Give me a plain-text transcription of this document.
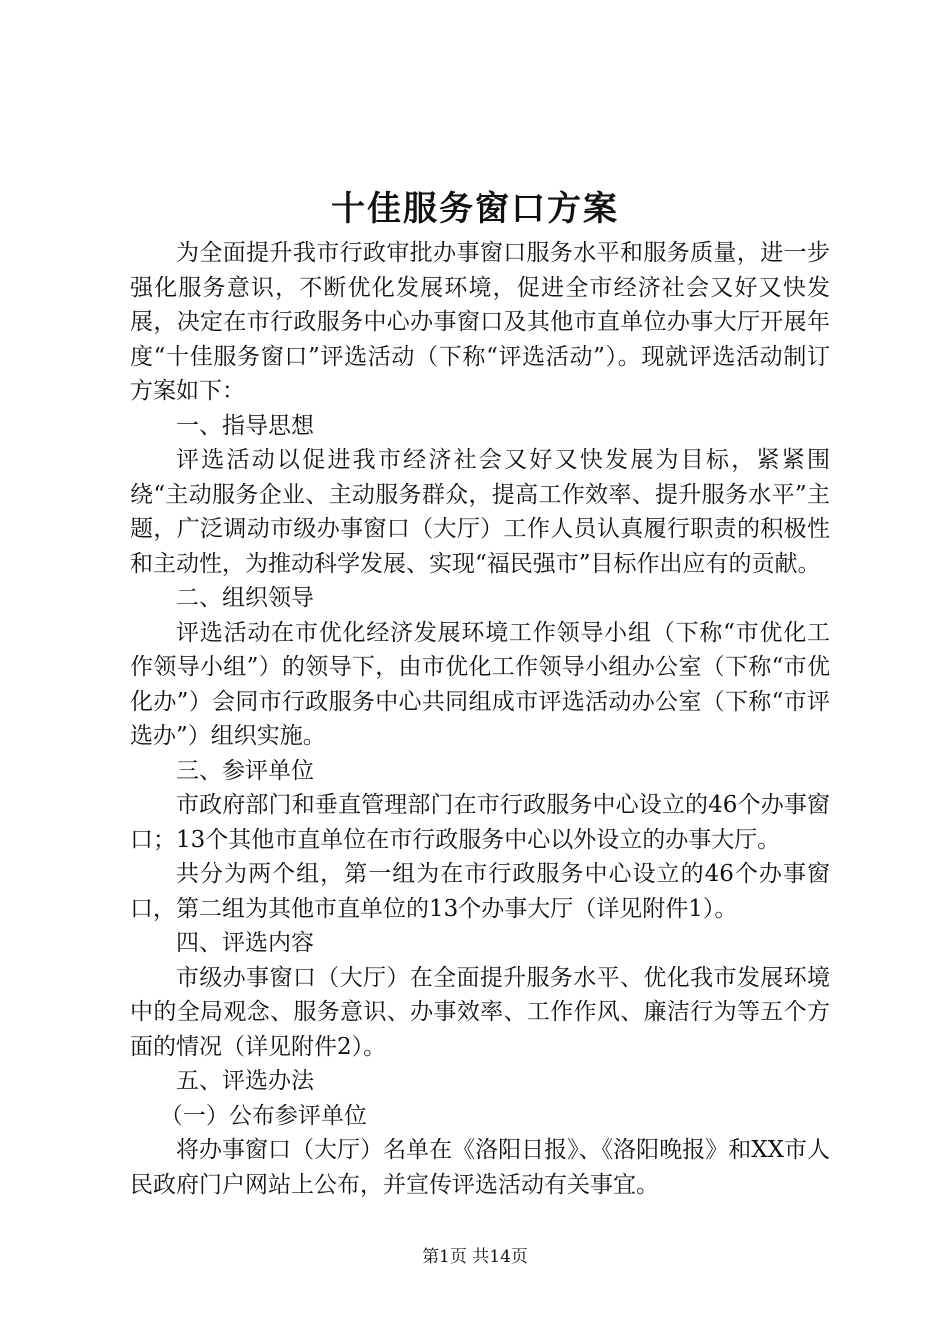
十佳服务窗口方案

为全面提升我市行政审批办事窗口服务水平和服务质量，进一步强化服务意识，不断优化发展环境，促进全市经济社会又好又快发展，决定在市行政服务中心办事窗口及其他市直单位办事大厅开展年度“十佳服务窗口”评选活动（下称“评选活动”）。现就评选活动制订方案如下：

一、指导思想

评选活动以促进我市经济社会又好又快发展为目标，紧紧围绕“主动服务企业、主动服务群众，提高工作效率、提升服务水平”主题，广泛调动市级办事窗口（大厅）工作人员认真履行职责的积极性和主动性，为推动科学发展、实现“福民强市”目标作出应有的贡献。

二、组织领导

评选活动在市优化经济发展环境工作领导小组（下称“市优化工作领导小组”）的领导下，由市优化工作领导小组办公室（下称“市优化办”）会同市行政服务中心共同组成市评选活动办公室（下称“市评选办”）组织实施。

三、参评单位

市政府部门和垂直管理部门在市行政服务中心设立的46个办事窗口；13个其他市直单位在市行政服务中心以外设立的办事大厅。

共分为两个组，第一组为在市行政服务中心设立的46个办事窗口，第二组为其他市直单位的13个办事大厅（详见附件1）。

四、评选内容

市级办事窗口（大厅）在全面提升服务水平、优化我市发展环境中的全局观念、服务意识、办事效率、工作作风、廉洁行为等五个方面的情况（详见附件2）。

五、评选办法

（一）公布参评单位

将办事窗口（大厅）名单在《洛阳日报》、《洛阳晚报》和XX市人民政府门户网站上公布，并宣传评选活动有关事宜。

第1页 共14页
